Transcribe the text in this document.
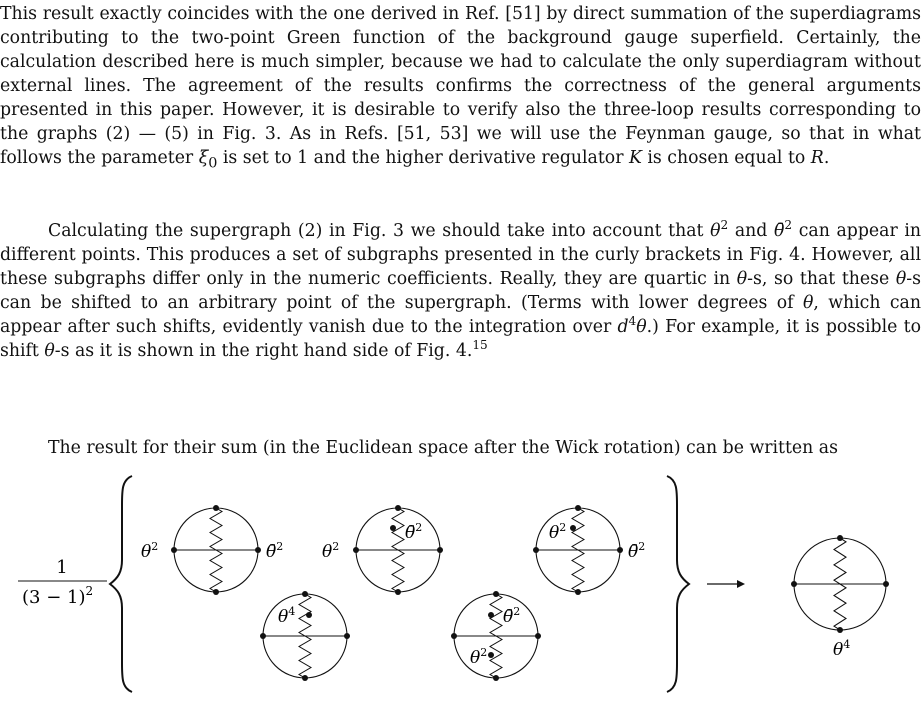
This result exactly coincides with the one derived in Ref. [51] by direct summation of the superdiagrams contributing to the two-point Green function of the background gauge superfield. Certainly, the calculation described here is much simpler, because we had to calculate the only superdiagram without external lines. The agreement of the results confirms the correctness of the general arguments presented in this paper. However, it is desirable to verify also the three-loop results corresponding to the graphs (2) — (5) in Fig. 3. As in Refs. [51, 53] we will use the Feynman gauge, so that in what follows the parameter $\xi_0$ is set to 1 and the higher derivative regulator K is chosen equal to R.

Calculating the supergraph (2) in Fig. 3 we should take into account that $\theta^2$ and θ̄$^2$ can appear in different points. This produces a set of subgraphs presented in the curly brackets in Fig. 4. However, all these subgraphs differ only in the numeric coefficients. Really, they are quartic in θ-s, so that these θ-s can be shifted to an arbitrary point of the supergraph. (Terms with lower degrees of θ, which can appear after such shifts, evidently vanish due to the integration over $d^4\theta$.) For example, it is possible to shift θ-s as it is shown in the right hand side of Fig. 4.15

The result for their sum (in the Euclidean space after the Wick rotation) can be written as

1
$(3 - 1)^2$
$\theta^2$	θ̄$^2$ $\theta^2$
θ̄$^2$	$\theta^2$
θ̄$^2$
$\theta^4$	θ̄$^2$
$\theta^2$	$\theta^4$
